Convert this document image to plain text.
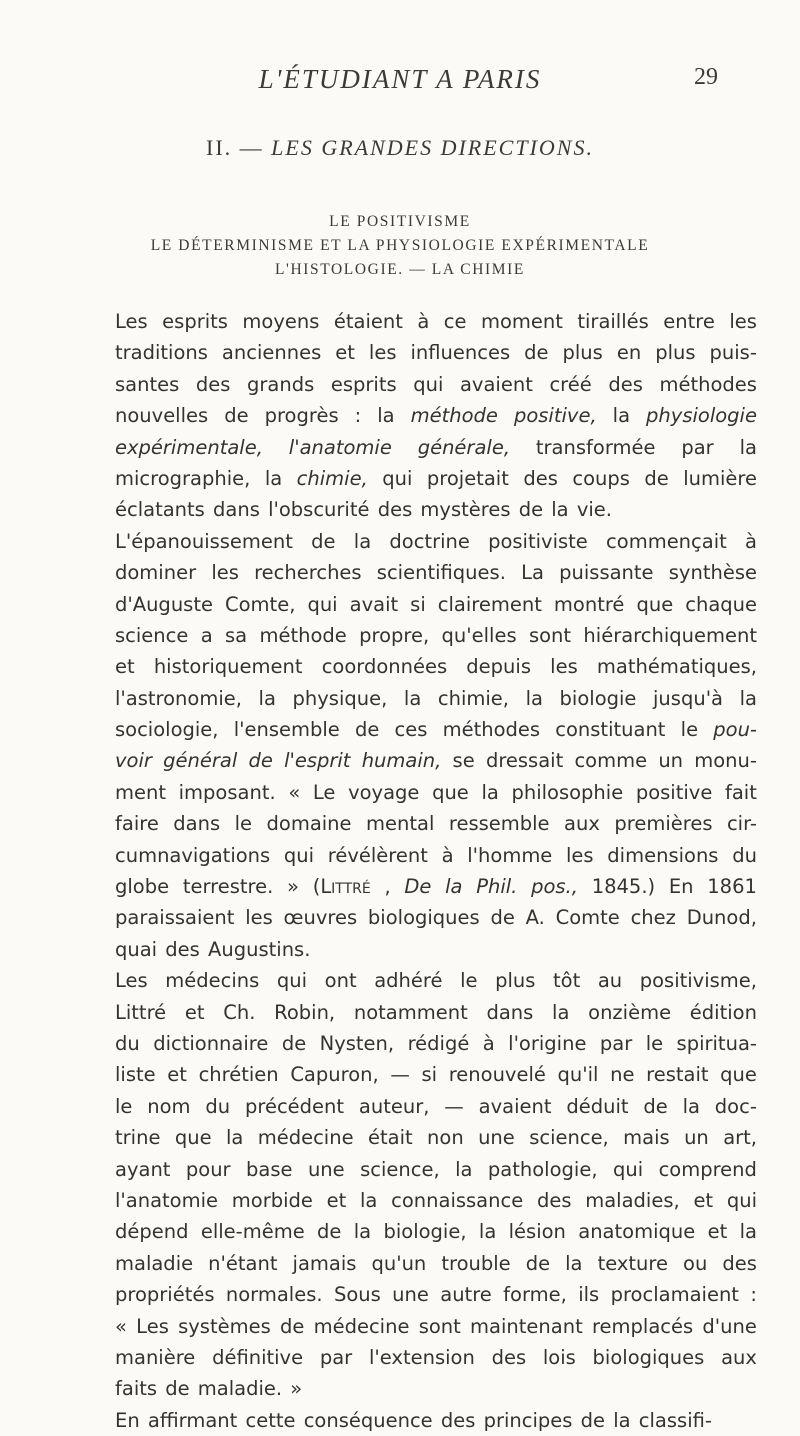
L'ÉTUDIANT A PARIS	29
II. — LES GRANDES DIRECTIONS.
LE POSITIVISME
LE DÉTERMINISME ET LA PHYSIOLOGIE EXPÉRIMENTALE
L'HISTOLOGIE. — LA CHIMIE
Les esprits moyens étaient à ce moment tiraillés entre les
traditions anciennes et les influences de plus en plus puis-
santes des grands esprits qui avaient créé des méthodes
nouvelles de progrès : la méthode positive, la physiologie
expérimentale, l'anatomie générale, transformée par la
micrographie, la chimie, qui projetait des coups de lumière
éclatants dans l'obscurité des mystères de la vie.
L'épanouissement de la doctrine positiviste commençait à
dominer les recherches scientifiques. La puissante synthèse
d'Auguste Comte, qui avait si clairement montré que chaque
science a sa méthode propre, qu'elles sont hiérarchiquement
et historiquement coordonnées depuis les mathématiques,
l'astronomie, la physique, la chimie, la biologie jusqu'à la
sociologie, l'ensemble de ces méthodes constituant le pou-
voir général de l'esprit humain, se dressait comme un monu-
ment imposant. « Le voyage que la philosophie positive fait
faire dans le domaine mental ressemble aux premières cir-
cumnavigations qui révélèrent à l'homme les dimensions du
globe terrestre. » (Littré , De la Phil. pos., 1845.) En 1861
paraissaient les œuvres biologiques de A. Comte chez Dunod,
quai des Augustins.
Les médecins qui ont adhéré le plus tôt au positivisme,
Littré et Ch. Robin, notamment dans la onzième édition
du dictionnaire de Nysten, rédigé à l'origine par le spiritua-
liste et chrétien Capuron, — si renouvelé qu'il ne restait que
le nom du précédent auteur, — avaient déduit de la doc-
trine que la médecine était non une science, mais un art,
ayant pour base une science, la pathologie, qui comprend
l'anatomie morbide et la connaissance des maladies, et qui
dépend elle-même de la biologie, la lésion anatomique et la
maladie n'étant jamais qu'un trouble de la texture ou des
propriétés normales. Sous une autre forme, ils proclamaient :
« Les systèmes de médecine sont maintenant remplacés d'une
manière définitive par l'extension des lois biologiques aux
faits de maladie. »
En affirmant cette conséquence des principes de la classifi-
